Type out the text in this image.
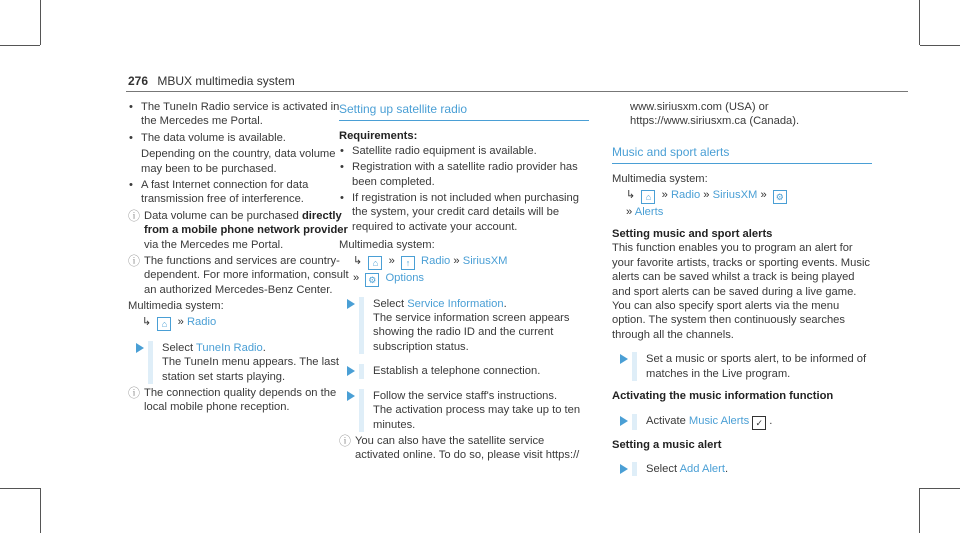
276 MBUX multimedia system
• The TuneIn Radio service is activated in the Mercedes me Portal.
• The data volume is available.
Depending on the country, data volume may been to be purchased.
• A fast Internet connection for data transmission free of interference.
ⓘ Data volume can be purchased directly from a mobile phone network provider via the Mercedes me Portal.
ⓘ The functions and services are country-dependent. For more information, consult an authorized Mercedes-Benz Center.
Multimedia system:
↳ ⌂ » Radio
Select TuneIn Radio.
The TuneIn menu appears. The last station set starts playing.
ⓘ The connection quality depends on the local mobile phone reception.
Setting up satellite radio
Requirements:
• Satellite radio equipment is available.
• Registration with a satellite radio provider has been completed.
• If registration is not included when purchasing the system, your credit card details will be required to activate your account.
Multimedia system:
↳ ⌂ » ↑ Radio » SiriusXM
» ⚙ Options
Select Service Information.
The service information screen appears showing the radio ID and the current subscription status.
Establish a telephone connection.
Follow the service staff's instructions.
The activation process may take up to ten minutes.
ⓘ You can also have the satellite service activated online. To do so, please visit https://
www.siriusxm.com (USA) or https://www.siriusxm.ca (Canada).
Music and sport alerts
Multimedia system:
↳ ⌂ » Radio » SiriusXM » ⚙
» Alerts
Setting music and sport alerts
This function enables you to program an alert for your favorite artists, tracks or sporting events. Music alerts can be saved whilst a track is being played and sport alerts can be saved during a live game. You can also specify sport alerts via the menu option. The system then continuously searches through all the channels.
Set a music or sports alert, to be informed of matches in the Live program.
Activating the music information function
Activate Music Alerts ✓ .
Setting a music alert
Select Add Alert.
